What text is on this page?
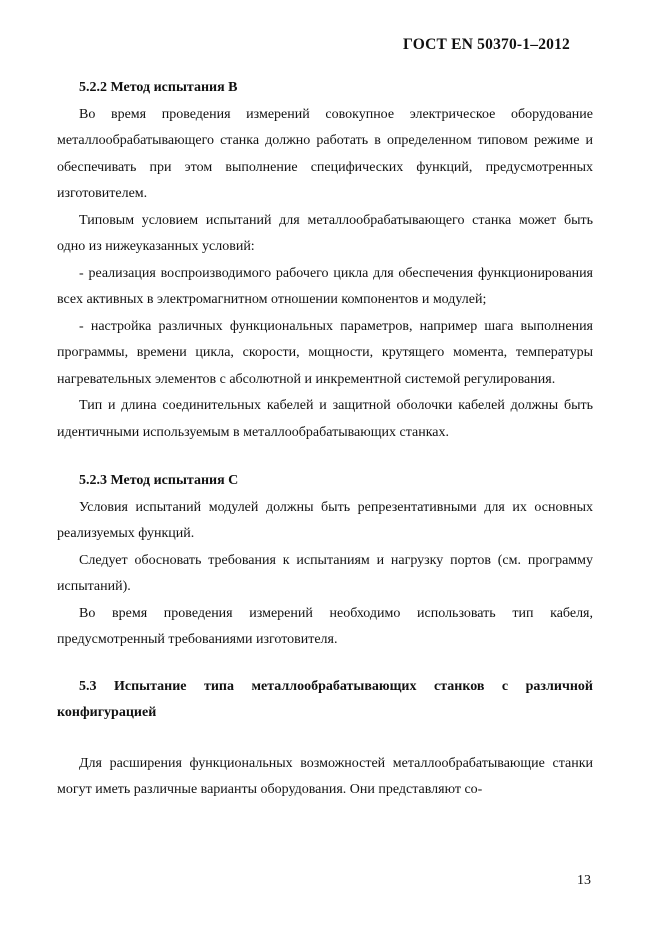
ГОСТ EN 50370-1–2012

5.2.2 Метод испытания B

Во время проведения измерений совокупное электрическое оборудование металлообрабатывающего станка должно работать в определенном типовом режиме и обеспечивать при этом выполнение специфических функций, предусмотренных изготовителем.

Типовым условием испытаний для металлообрабатывающего станка может быть одно из нижеуказанных условий:

- реализация воспроизводимого рабочего цикла для обеспечения функционирования всех активных в электромагнитном отношении компонентов и модулей;

- настройка различных функциональных параметров, например шага выполнения программы, времени цикла, скорости, мощности, крутящего момента, температуры нагревательных элементов с абсолютной и инкрементной системой регулирования.

Тип и длина соединительных кабелей и защитной оболочки кабелей должны быть идентичными используемым в металлообрабатывающих станках.

5.2.3 Метод испытания C

Условия испытаний модулей должны быть репрезентативными для их основных реализуемых функций.

Следует обосновать требования к испытаниям и нагрузку портов (см. программу испытаний).

Во время проведения измерений необходимо использовать тип кабеля, предусмотренный требованиями изготовителя.

5.3 Испытание типа металлообрабатывающих станков с различной конфигурацией

Для расширения функциональных возможностей металлообрабатывающие станки могут иметь различные варианты оборудования. Они представляют со-

13
